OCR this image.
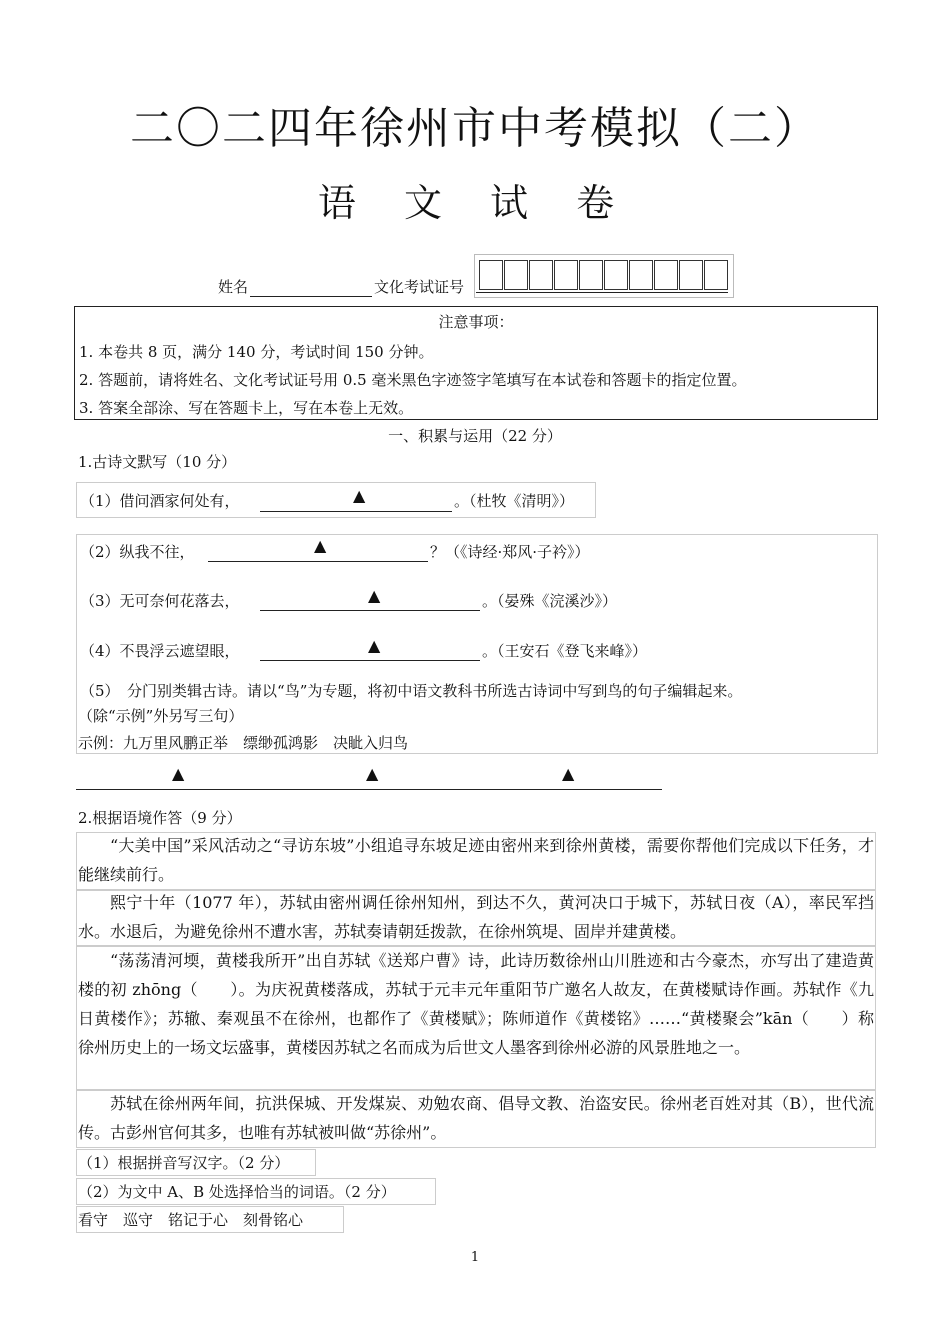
二〇二四年徐州市中考模拟（二）
语 文 试 卷
姓名	文化考试证号
注意事项：
1. 本卷共 8 页，满分 140 分，考试时间 150 分钟。
2. 答题前，请将姓名、文化考试证号用 0.5 毫米黑色字迹签字笔填写在本试卷和答题卡的指定位置。
3. 答案全部涂、写在答题卡上，写在本卷上无效。
一、积累与运用（22 分）
1.古诗文默写（10 分）
（1）借问酒家何处有，	▲	。（杜牧《清明》）
（2）纵我不往，	▲	？（《诗经·郑风·子衿》）
（3）无可奈何花落去，	▲	。（晏殊《浣溪沙》）
（4）不畏浮云遮望眼，	▲	。（王安石《登飞来峰》）
（5）　分门别类辑古诗。请以“鸟”为专题，将初中语文教科书所选古诗词中写到鸟的句子编辑起来。
（除“示例”外另写三句）
示例：九万里风鹏正举　缥缈孤鸿影　决眦入归鸟
▲	▲	▲
2.根据语境作答（9 分）
“大美中国”采风活动之“寻访东坡”小组追寻东坡足迹由密州来到徐州黄楼，需要你帮他们完成以下任务，才能继续前行。
熙宁十年（1077 年），苏轼由密州调任徐州知州，到达不久，黄河决口于城下，苏轼日夜（A），率民军挡水。水退后，为避免徐州不遭水害，苏轼奏请朝廷拨款，在徐州筑堤、固岸并建黄楼。
“荡荡清河堧，黄楼我所开”出自苏轼《送郑户曹》诗，此诗历数徐州山川胜迹和古今豪杰，亦写出了建造黄楼的初 zhōng（　　）。为庆祝黄楼落成，苏轼于元丰元年重阳节广邀名人故友，在黄楼赋诗作画。苏轼作《九日黄楼作》；苏辙、秦观虽不在徐州，也都作了《黄楼赋》；陈师道作《黄楼铭》……“黄楼聚会”kān（　　）称徐州历史上的一场文坛盛事，黄楼因苏轼之名而成为后世文人墨客到徐州必游的风景胜地之一。
苏轼在徐州两年间，抗洪保城、开发煤炭、劝勉农商、倡导文教、治盗安民。徐州老百姓对其（B），世代流传。古彭州官何其多，也唯有苏轼被叫做“苏徐州”。
（1）根据拼音写汉字。（2 分）
（2）为文中 A、B 处选择恰当的词语。（2 分）
看守　巡守　铭记于心　刻骨铭心
1
